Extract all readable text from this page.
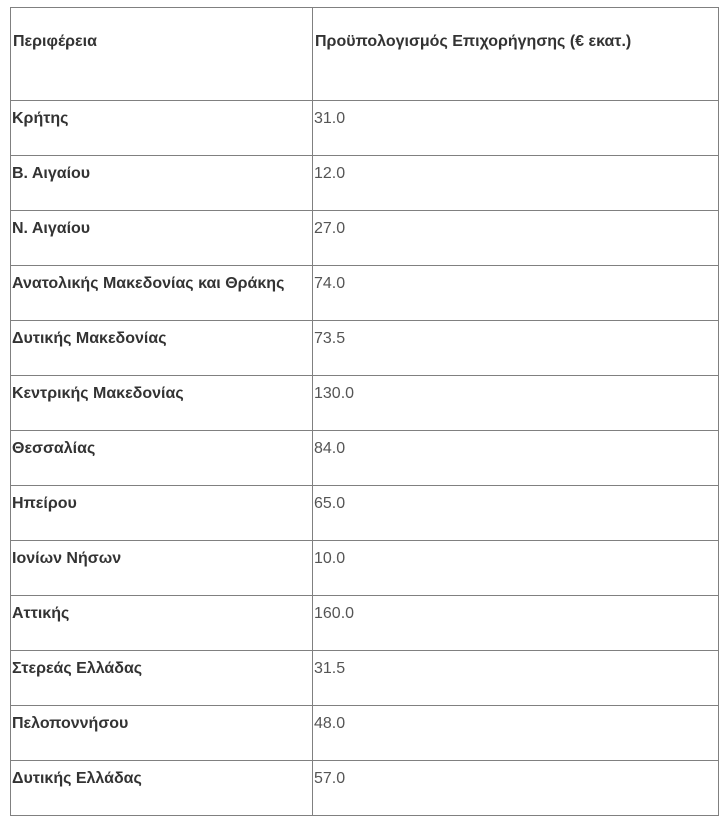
Περιφέρεια	Προϋπολογισμός Επιχορήγησης (€ εκατ.)
Κρήτης	31.0
Β. Αιγαίου	12.0
Ν. Αιγαίου	27.0
Ανατολικής Μακεδονίας και Θράκης	74.0
Δυτικής Μακεδονίας	73.5
Κεντρικής Μακεδονίας	130.0
Θεσσαλίας	84.0
Ηπείρου	65.0
Ιονίων Νήσων	10.0
Αττικής	160.0
Στερεάς Ελλάδας	31.5
Πελοποννήσου	48.0
Δυτικής Ελλάδας	57.0
